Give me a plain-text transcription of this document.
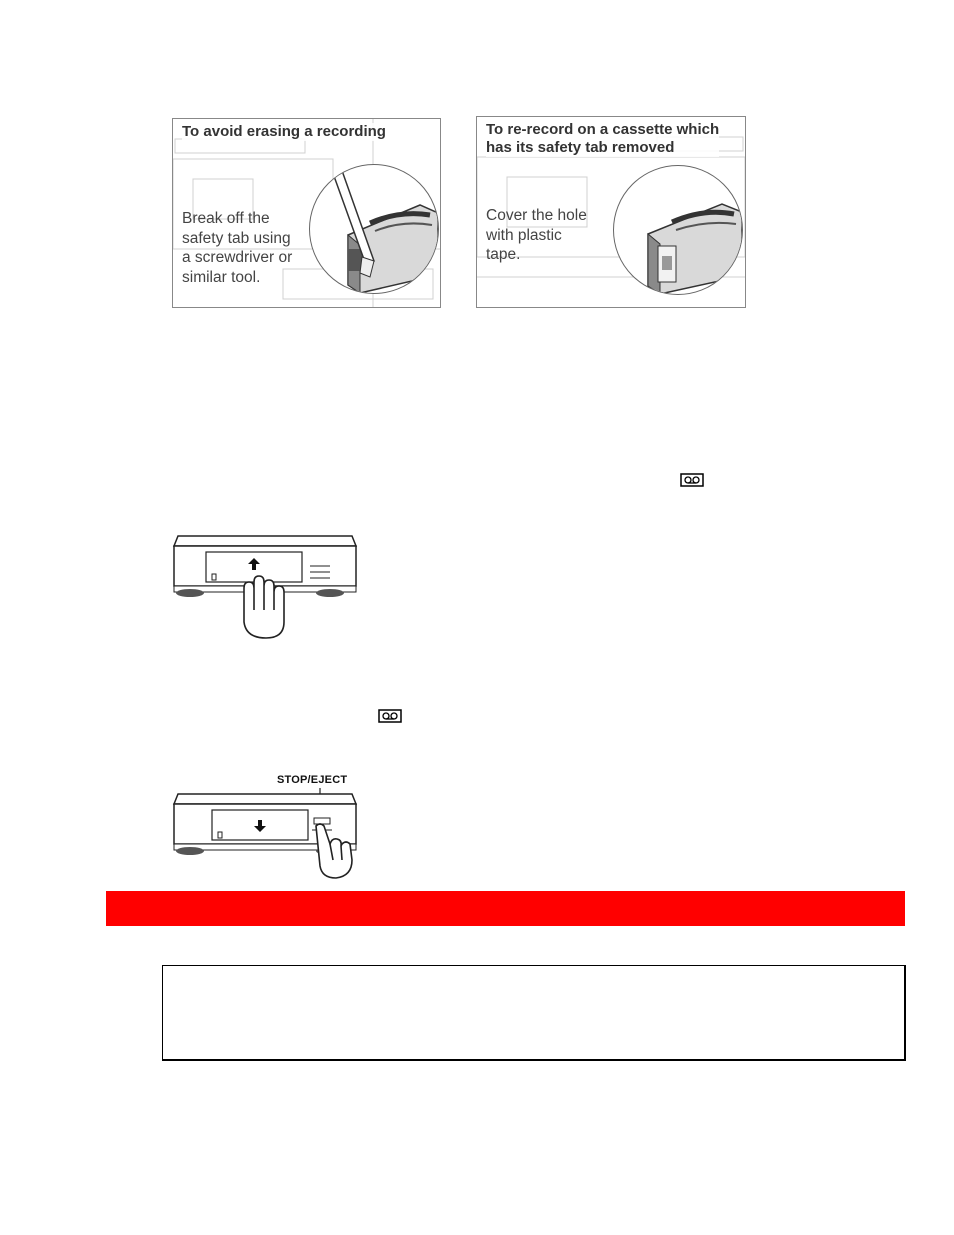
To avoid erasing a recording
Break off the
safety tab using
a screwdriver or
similar tool.
To re-record on a cassette which
has its safety tab removed
Cover the hole
with plastic
tape.
STOP/EJECT
